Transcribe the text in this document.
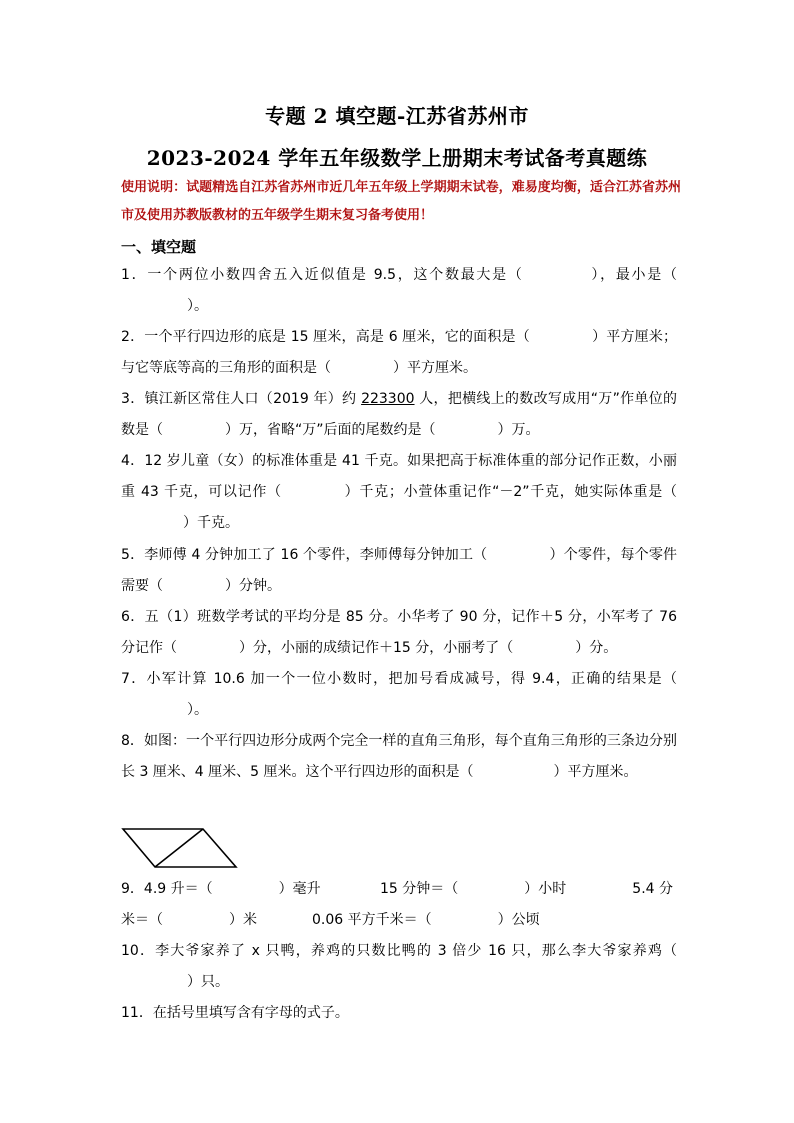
专题 2 填空题-江苏省苏州市
2023-2024 学年五年级数学上册期末考试备考真题练
使用说明：试题精选自江苏省苏州市近几年五年级上学期期末试卷，难易度均衡，适合江苏省苏州市及使用苏教版教材的五年级学生期末复习备考使用！
一、填空题
1．一个两位小数四舍五入近似值是 9.5，这个数最大是（	），最小是（）。
2．一个平行四边形的底是 15 厘米，高是 6 厘米，它的面积是（	）平方厘米；与它等底等高的三角形的面积是（	）平方厘米。
3．镇江新区常住人口（2019 年）约 223300 人，把横线上的数改写成用“万”作单位的数是（	）万，省略“万”后面的尾数约是（	）万。
4．12 岁儿童（女）的标准体重是 41 千克。如果把高于标准体重的部分记作正数，小丽重 43 千克，可以记作（	）千克；小萱体重记作“－2”千克，她实际体重是（）千克。
5．李师傅 4 分钟加工了 16 个零件，李师傅每分钟加工（	）个零件，每个零件需要（	）分钟。
6．五（1）班数学考试的平均分是 85 分。小华考了 90 分，记作＋5 分，小军考了 76 分记作（	）分，小丽的成绩记作＋15 分，小丽考了（	）分。
7．小军计算 10.6 加一个一位小数时，把加号看成减号，得 9.4，正确的结果是（）。
8．如图：一个平行四边形分成两个完全一样的直角三角形，每个直角三角形的三条边分别长 3 厘米、4 厘米、5 厘米。这个平行四边形的面积是（	）平方厘米。
9．4.9 升＝（	）毫升	15 分钟＝（	）小时	5.4 分
米＝（	）米	0.06 平方千米＝（	）公顷
10．李大爷家养了 x 只鸭，养鸡的只数比鸭的 3 倍少 16 只，那么李大爷家养鸡（）只。
11．在括号里填写含有字母的式子。
